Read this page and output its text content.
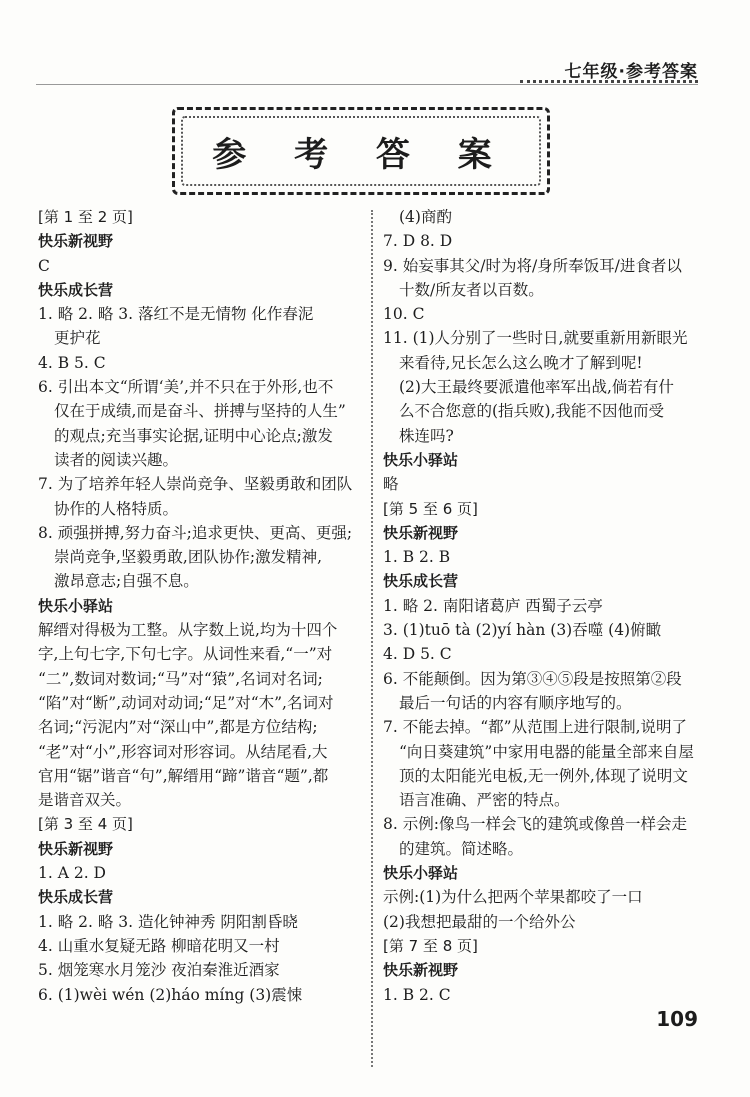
七年级·参考答案
参 考 答 案
[第 1 至 2 页]
快乐新视野
C
快乐成长营
1. 略 2. 略 3. 落红不是无情物 化作春泥
更护花
4. B 5. C
6. 引出本文“所谓‘美’,并不只在于外形,也不
仅在于成绩,而是奋斗、拼搏与坚持的人生”
的观点;充当事实论据,证明中心论点;激发
读者的阅读兴趣。
7. 为了培养年轻人崇尚竞争、坚毅勇敢和团队
协作的人格特质。
8. 顽强拼搏,努力奋斗;追求更快、更高、更强;
崇尚竞争,坚毅勇敢,团队协作;激发精神,
激昂意志;自强不息。
快乐小驿站
解缙对得极为工整。从字数上说,均为十四个
字,上句七字,下句七字。从词性来看,“一”对
“二”,数词对数词;“马”对“猿”,名词对名词;
“陷”对“断”,动词对动词;“足”对“木”,名词对
名词;“污泥内”对“深山中”,都是方位结构;
“老”对“小”,形容词对形容词。从结尾看,大
官用“锯”谐音“句”,解缙用“蹄”谐音“题”,都
是谐音双关。
[第 3 至 4 页]
快乐新视野
1. A 2. D
快乐成长营
1. 略 2. 略 3. 造化钟神秀 阴阳割昏晓
4. 山重水复疑无路 柳暗花明又一村
5. 烟笼寒水月笼沙 夜泊秦淮近酒家
6. (1)wèi wén (2)háo míng (3)震悚
(4)商酌
7. D 8. D
9. 始妄事其父/时为将/身所奉饭耳/进食者以
十数/所友者以百数。
10. C
11. (1)人分别了一些时日,就要重新用新眼光
来看待,兄长怎么这么晚才了解到呢!
(2)大王最终要派遣他率军出战,倘若有什
么不合您意的(指兵败),我能不因他而受
株连吗?
快乐小驿站
略
[第 5 至 6 页]
快乐新视野
1. B 2. B
快乐成长营
1. 略 2. 南阳诸葛庐 西蜀子云亭
3. (1)tuō tà (2)yí hàn (3)吞噬 (4)俯瞰
4. D 5. C
6. 不能颠倒。因为第③④⑤段是按照第②段
最后一句话的内容有顺序地写的。
7. 不能去掉。“都”从范围上进行限制,说明了
“向日葵建筑”中家用电器的能量全部来自屋
顶的太阳能光电板,无一例外,体现了说明文
语言准确、严密的特点。
8. 示例:像鸟一样会飞的建筑或像兽一样会走
的建筑。简述略。
快乐小驿站
示例:(1)为什么把两个苹果都咬了一口
(2)我想把最甜的一个给外公
[第 7 至 8 页]
快乐新视野
1. B 2. C
109
